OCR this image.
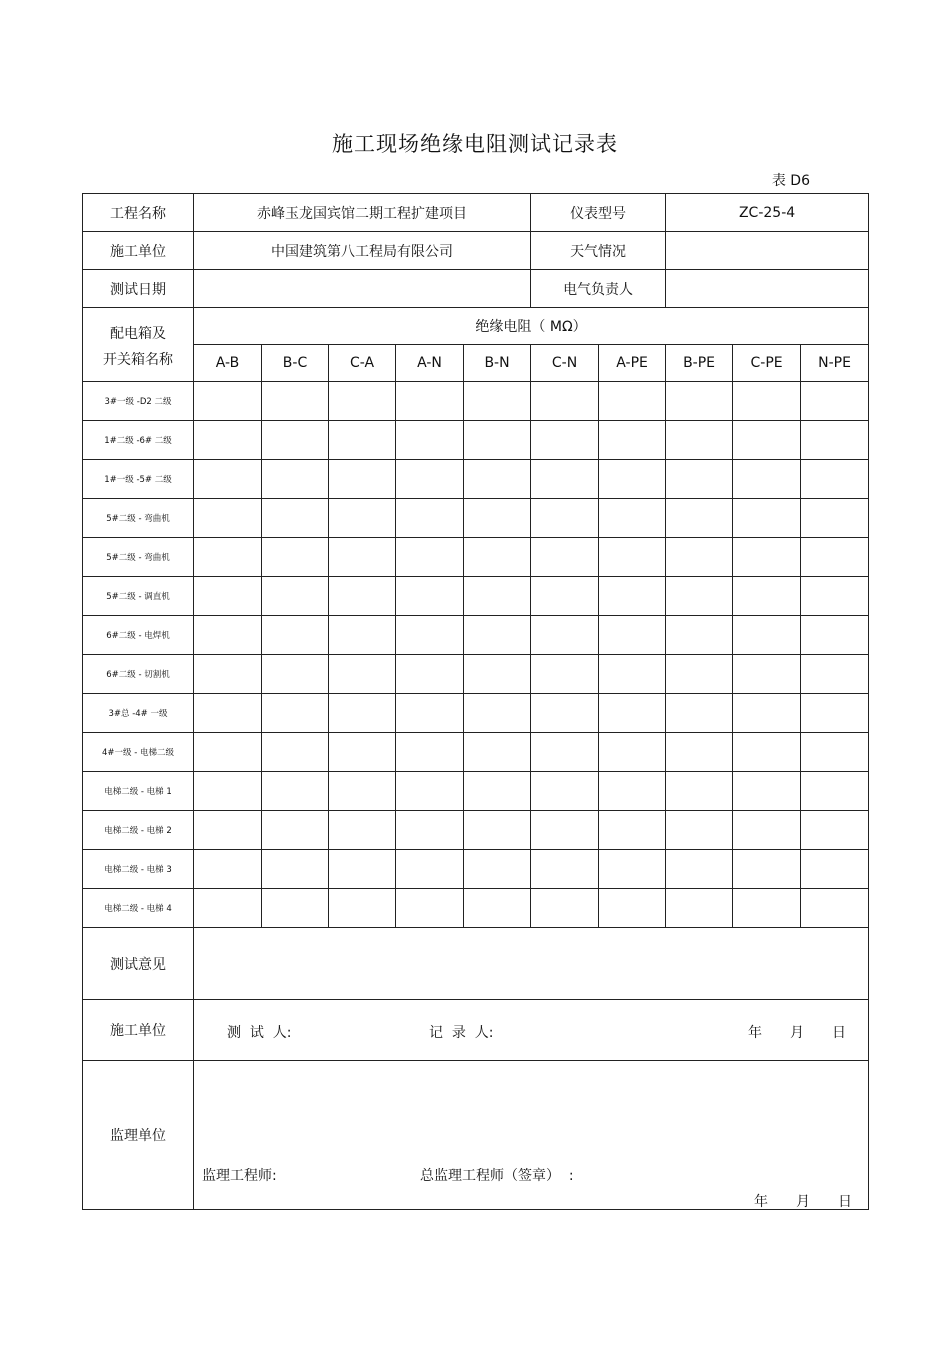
施工现场绝缘电阻测试记录表
表 D6
工程名称	赤峰玉龙国宾馆二期工程扩建项目					仪表型号		ZC-25-4		
施工单位	中国建筑第八工程局有限公司					天气情况				
测试日期						电气负责人				

配电箱及
开关箱名称	绝缘电阻（ MΩ）									
	A-B	B-C	C-A	A-N	B-N	C-N	A-PE	B-PE	C-PE	N-PE
3#一级 -D2 二级										
1#二级 -6# 二级										
1#一级 -5# 二级										
5#二级 - 弯曲机										
5#二级 - 弯曲机										
5#二级 - 调直机										
6#二级 - 电焊机										
6#二级 - 切割机										
3#总 -4# 一级										
4#一级 - 电梯二级										
电梯二级 - 电梯 1										
电梯二级 - 电梯 2										
电梯二级 - 电梯 3										
电梯二级 - 电梯 4										
测试意见										
施工单位	测  试  人: 记  录  人: 年 月 日									

监理单位	监理工程师: 总监理工程师（签章）  :
年 月 日									
